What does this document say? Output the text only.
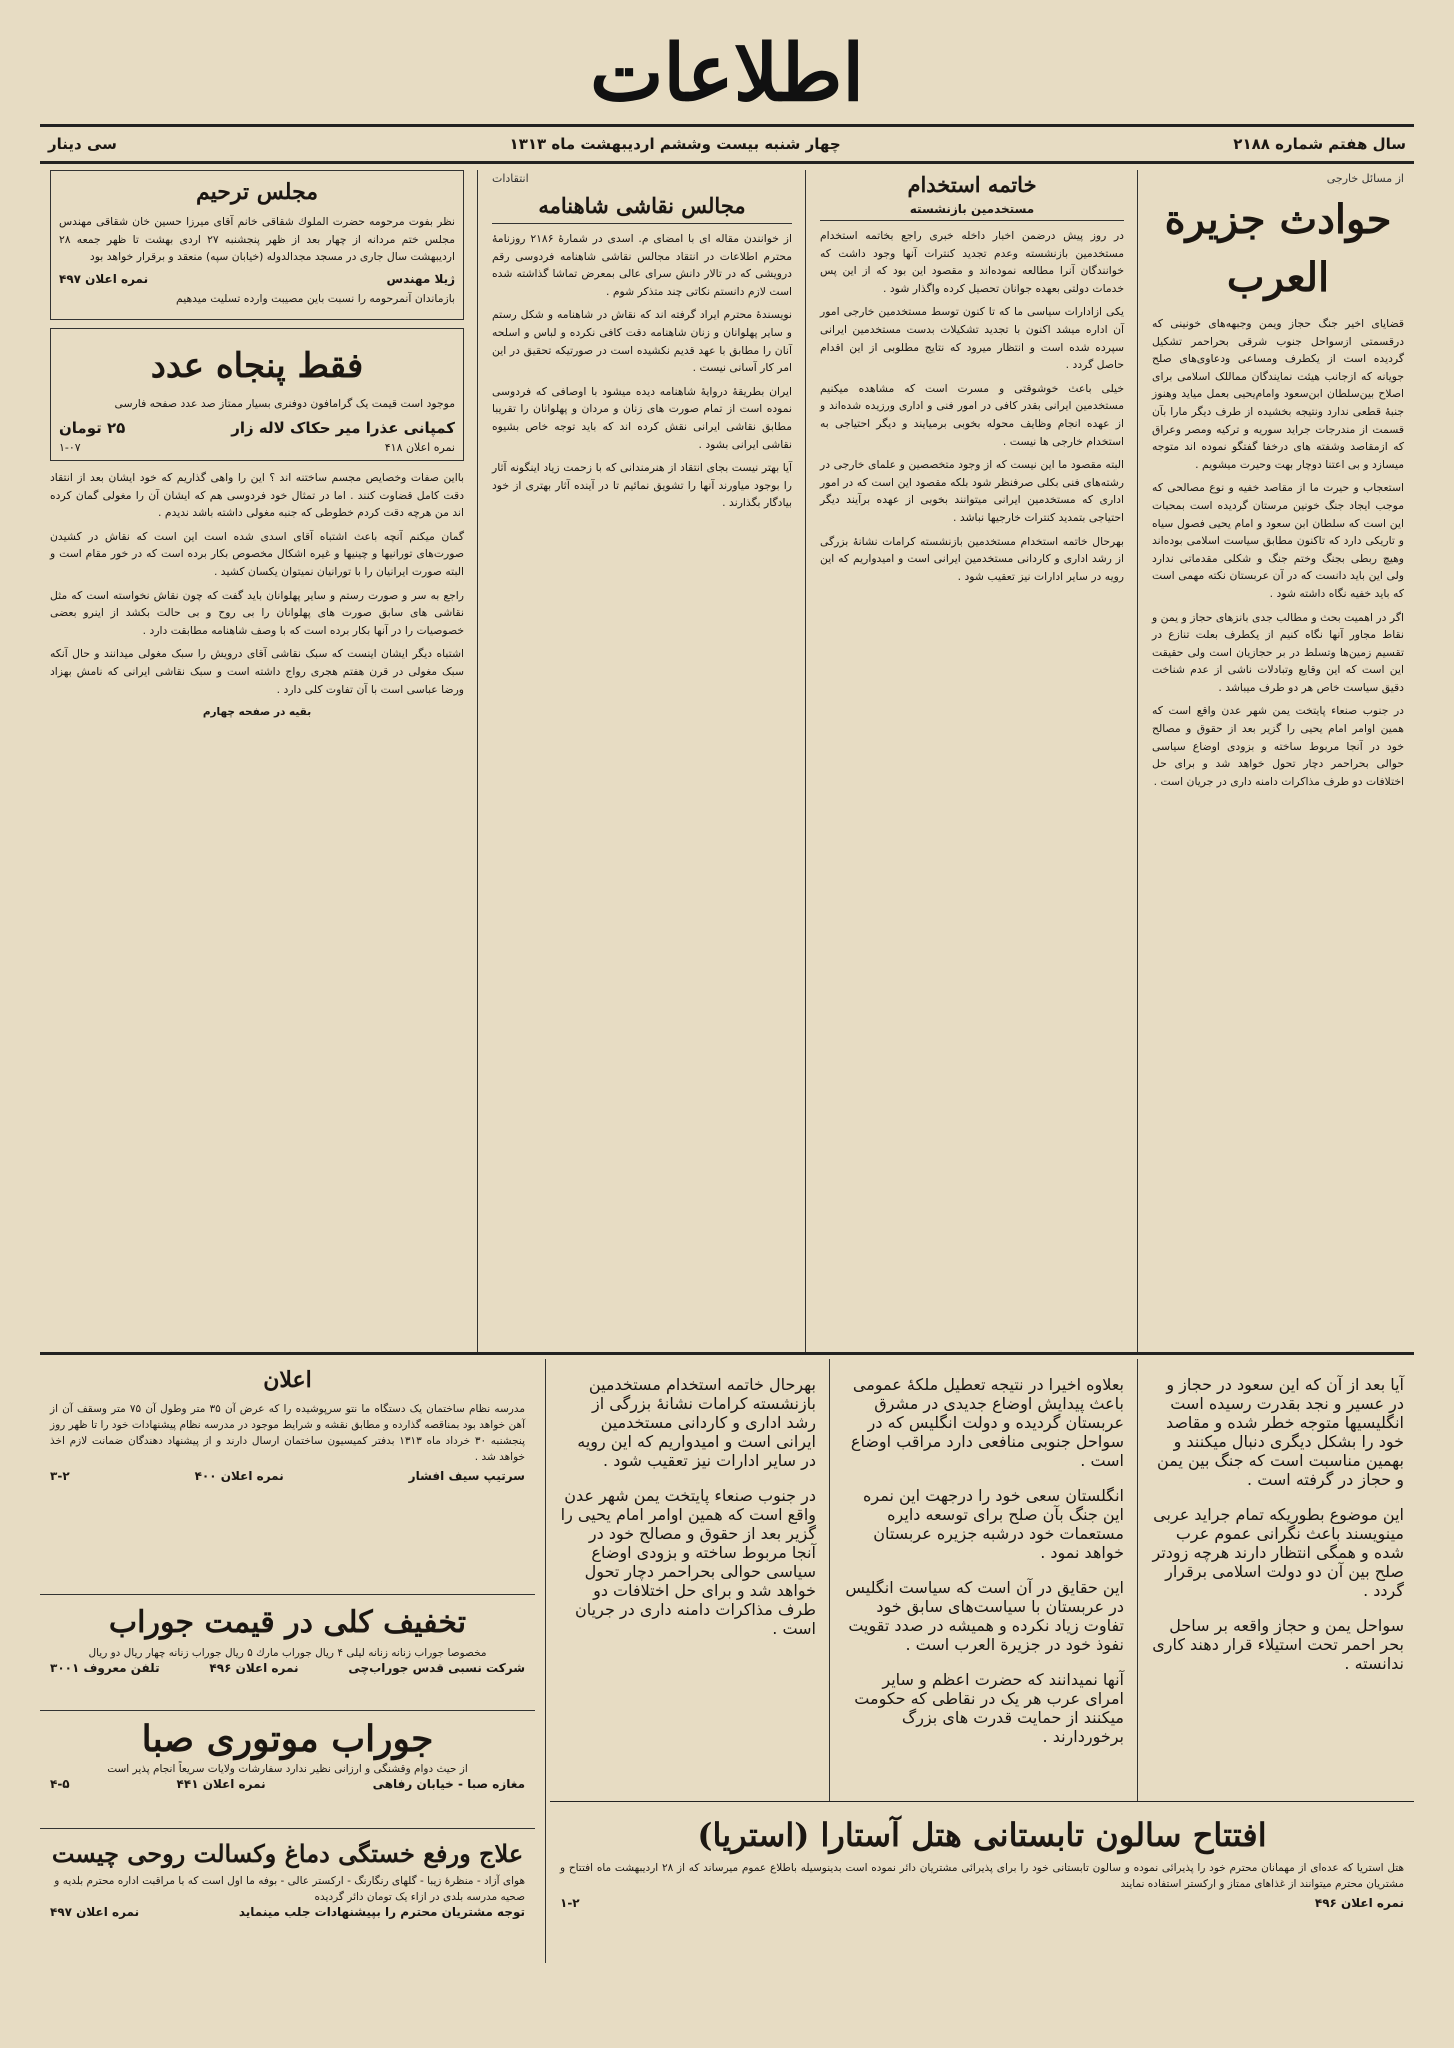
اطلاعات
سال هفتم شماره ۲۱۸۸
چهار شنبه بیست وششم اردیبهشت ماه ۱۳۱۳
سی دینار
از مسائل خارجی
حوادث جزیرة العرب

قضایای اخیر جنگ حجاز ویمن وجبهه‌های خونینی که درقسمتی ازسواحل جنوب شرقی بحراحمر تشکیل گردیده است از یکطرف ومساعی ودعاوی‌های صلح جویانه که ازجانب هیئت نمایندگان مماللک اسلامی برای اصلاح بین‌سلطان ابن‌سعود وامام‌یحیی بعمل میاید وهنوز جنبهٔ قطعی ندارد ونتیجه بخشیده از طرف دیگر مارا بآن قسمت از مندرجات جراید سوریه و ترکیه ومصر وعراق که ازمقاصد وشفته های درخفا گفتگو نموده اند متوجه میسازد و بی اعتنا دوچار بهت وحیرت میشویم .

استعجاب و حیرت ما از مقاصد خفیه و نوع مصالحی که موجب ایجاد جنگ خونین مرستان گردیده است بمحبات این است که سلطان ابن سعود و امام یحیی فصول سیاه و تاریکی دارد که تاکنون مطابق سیاست اسلامی بوده‌اند وهیچ ربطی بجنگ وختم جنگ و شکلی مقدماتی ندارد ولی این باید دانست که در آن عربستان نکته مهمی است که باید خفیه نگاه داشته شود .

اگر در اهمیت بحث و مطالب جدی بانزهای حجاز و یمن و نقاط مجاور آنها نگاه کنیم از یکطرف بعلت تنازع در تقسیم زمین‌ها وتسلط در بر حجازیان است ولی حقیقت این است که این وقایع وتبادلات ناشی از عدم شناخت دقیق سیاست خاص هر دو طرف میباشد .

در جنوب صنعاء پایتخت یمن شهر عدن واقع است که همین اوامر امام یحیی را گزیر بعد از حقوق و مصالح خود در آنجا مربوط ساخته و بزودی اوضاع سیاسی حوالی بحراحمر دچار تحول خواهد شد و برای حل اختلافات دو طرف مذاکرات دامنه داری در جریان است .

خاتمه استخدام
مستخدمین بازنشسته

در روز پیش درضمن اخبار داخله خبری راجع بخاتمه استخدام مستخدمین بازنشسته وعدم تجدید کنترات آنها وجود داشت که خوانندگان آنرا مطالعه نموده‌اند و مقصود این بود که از این پس خدمات دولتی بعهده جوانان تحصیل کرده واگذار شود .

یکی ازادارات سیاسی ما که تا کنون توسط مستخدمین خارجی امور آن اداره میشد اکنون با تجدید تشکیلات بدست مستخدمین ایرانی سپرده شده است و انتظار میرود که نتایج مطلوبی از این اقدام حاصل گردد .

خیلی باعث خوشوقتی و مسرت است که مشاهده میکنیم مستخدمین ایرانی بقدر کافی در امور فنی و اداری ورزیده شده‌اند و از عهده انجام وظایف محوله بخوبی برمیایند و دیگر احتیاجی به استخدام خارجی ها نیست .

البته مقصود ما این نیست که از وجود متخصصین و علمای خارجی در رشته‌های فنی بکلی صرفنظر شود بلکه مقصود این است که در امور اداری که مستخدمین ایرانی میتوانند بخوبی از عهده برآیند دیگر احتیاجی بتمدید کنترات خارجیها نباشد .

بهرحال خاتمه استخدام مستخدمین بازنشسته کرامات نشانهٔ بزرگی از رشد اداری و کاردانی مستخدمین ایرانی است و امیدواریم که این رویه در سایر ادارات نیز تعقیب شود .

انتقادات
مجالس نقاشی شاهنامه

از خوانندن مقاله ای با امضای م. اسدی در شمارهٔ ۲۱۸۶ روزنامهٔ محترم اطلاعات در انتقاد مجالس نقاشی شاهنامه فردوسی رقم درویشی که در تالار دانش سرای عالی بمعرض تماشا گذاشته شده است لازم دانستم نکاتی چند متذکر شوم .

نویسندهٔ محترم ایراد گرفته اند که نقاش در شاهنامه و شکل رستم و سایر پهلوانان و زنان شاهنامه دقت کافی نکرده و لباس و اسلحه آنان را مطابق با عهد قدیم نکشیده است در صورتیکه تحقیق در این امر کار آسانی نیست .

ایران بطریقهٔ دروایهٔ شاهنامه دیده میشود با اوصافی که فردوسی نموده است از تمام صورت های زنان و مردان و پهلوانان را تقریبا مطابق نقاشی ایرانی نقش کرده اند که باید توجه خاص بشیوه نقاشی ایرانی بشود .

آیا بهتر نیست بجای انتقاد از هنرمندانی که با زحمت زیاد اینگونه آثار را بوجود میاورند آنها را تشویق نمائیم تا در آینده آثار بهتری از خود بیادگار بگذارند .

مجلس ترحیم

نظر بفوت مرحومه حضرت الملوك شقاقی خانم آقای میرزا حسین خان شقاقی مهندس مجلس ختم مردانه از چهار بعد از ظهر پنجشنبه ۲۷ اردی بهشت تا ظهر جمعه ۲۸ اردیبهشت سال جاری در مسجد مجدالدوله (خیابان سپه) منعقد و برقرار خواهد بود

ژیلا مهندس
نمره اعلان ۴۹۷

بازماندان آنمرحومه را نسبت باین مصیبت وارده تسلیت میدهیم

فقط پنجاه عدد

موجود است قیمت یک گرامافون دوفنری بسیار ممتاز صد عدد صفحه فارسی

کمپانی عذرا میر حکاک لاله زار
۲۵ تومان
نمره اعلان ۴۱۸
۱-۰۷

بااین صفات وخصایص مجسم ساختنه اند ؟ این را واهی گذاریم که خود ایشان بعد از انتقاد دقت کامل قضاوت کنند . اما در تمثال خود فردوسی هم که ایشان آن را مغولی گمان کرده اند من هرچه دقت کردم خطوطی که جنبه مغولی داشته باشد ندیدم .

گمان میکنم آنچه باعث اشتباه آقای اسدی شده است این است که نقاش در کشیدن صورت‌های تورانیها و چینیها و غیره اشکال مخصوص بکار برده است که در خور مقام است و البته صورت ایرانیان را با تورانیان نمیتوان یکسان کشید .

راجع به سر و صورت رستم و سایر پهلوانان باید گفت که چون نقاش نخواسته است که مثل نقاشی های سابق صورت های پهلوانان را بی روح و بی حالت بکشد از اینرو بعضی خصوصیات را در آنها بکار برده است که با وصف شاهنامه مطابقت دارد .

اشتباه دیگر ایشان اینست که سبک نقاشی آقای درویش را سبک مغولی میدانند و حال آنکه سبک مغولی در قرن هفتم هجری رواج داشته است و سبک نقاشی ایرانی که نامش بهزاد ورضا عباسی است با آن تفاوت کلی دارد .

بقیه در صفحه چهارم
اعلان

مدرسه نظام ساختمان یک دستگاه ما نتو سرپوشیده را که عرض آن ۳۵ متر وطول آن ۷۵ متر وسقف آن از آهن خواهد بود بمناقصه گذارده و مطابق نقشه و شرایط موجود در مدرسه نظام پیشنهادات خود را تا ظهر روز پنجشنبه ۳۰ خرداد ماه ۱۳۱۳ بدفتر کمیسیون ساختمان ارسال دارند و از پیشنهاد دهندگان ضمانت لازم اخذ خواهد شد .

سرتیپ سیف افشار
نمره اعلان ۴۰۰
۳-۲
تخفیف کلی در قیمت جوراب

مخصوصا جوراب زنانه زنانه لیلی ۴ ریال جوراب مارك ۵ ریال جوراب زنانه چهار ریال دو ریال

شرکت نسبی قدس جوراب‌چی
نمره اعلان ۴۹۶
تلفن معروف ۳۰۰۱
جوراب موتوری صبا

از حیث دوام وقشنگی و ارزانی نظیر ندارد سفارشات ولایات سریعاً انجام پذیر است

مغازه صبا - خیابان رفاهی
نمره اعلان ۴۴۱
۴-۵
علاج ورفع خستگی دماغ وکسالت روحی چیست

هوای آزاد - منظرهٔ زیبا - گلهای رنگارنگ - ارکستر عالی - بوفه ما اول است که با مراقبت اداره محترم بلدیه و صحیه مدرسه بلدی در ازاء یک تومان دائر گردیده

توجه مشتریان محترم را بپیشنهادات جلب مینماید
نمره اعلان ۴۹۷

آیا بعد از آن که این سعود در حجاز و در عسیر و نجد بقدرت رسیده است انگلیسیها متوجه خطر شده و مقاصد خود را بشکل دیگری دنبال میکنند و بهمین مناسبت است که جنگ بین یمن و حجاز در گرفته است .

این موضوع بطوریکه تمام جراید عربی مینویسند باعث نگرانی عموم عرب شده و همگی انتظار دارند هرچه زودتر صلح بین آن دو دولت اسلامی برقرار گردد .

سواحل یمن و حجاز واقعه بر ساحل بحر احمر تحت استیلاء قرار دهند کاری ندانسته .

بعلاوه اخیرا در نتیجه تعطیل ملکهٔ عمومی باعث پیدایش اوضاع جدیدی در مشرق عربستان گردیده و دولت انگلیس که در سواحل جنوبی منافعی دارد مراقب اوضاع است .

انگلستان سعی خود را درجهت این نمره این جنگ بآن صلح برای توسعه دایره مستعمات خود درشبه جزیره عربستان خواهد نمود .

این حقایق در آن است که سیاست انگلیس در عربستان با سیاست‌های سابق خود تفاوت زیاد نکرده و همیشه در صدد تقویت نفوذ خود در جزیرة العرب است .

آنها نمیدانند که حضرت اعظم و سایر امرای عرب هر یک در نقاطی که حکومت میکنند از حمایت قدرت های بزرگ برخوردارند .

بهرحال خاتمه استخدام مستخدمین بازنشسته کرامات نشانهٔ بزرگی از رشد اداری و کاردانی مستخدمین ایرانی است و امیدواریم که این رویه در سایر ادارات نیز تعقیب شود .

در جنوب صنعاء پایتخت یمن شهر عدن واقع است که همین اوامر امام یحیی را گزیر بعد از حقوق و مصالح خود در آنجا مربوط ساخته و بزودی اوضاع سیاسی حوالی بحراحمر دچار تحول خواهد شد و برای حل اختلافات دو طرف مذاکرات دامنه داری در جریان است .

افتتاح سالون تابستانی هتل آستارا (استریا)

هتل استریا که عده‌ای از مهمانان محترم خود را پذیرائی نموده و سالون تابستانی خود را برای پذیرائی مشتریان دائر نموده است بدینوسیله باطلاع عموم میرساند که از ۲۸ اردیبهشت ماه افتتاح و مشتریان محترم میتوانند از غذاهای ممتاز و ارکستر استفاده نمایند

نمره اعلان ۴۹۶
۱-۲
